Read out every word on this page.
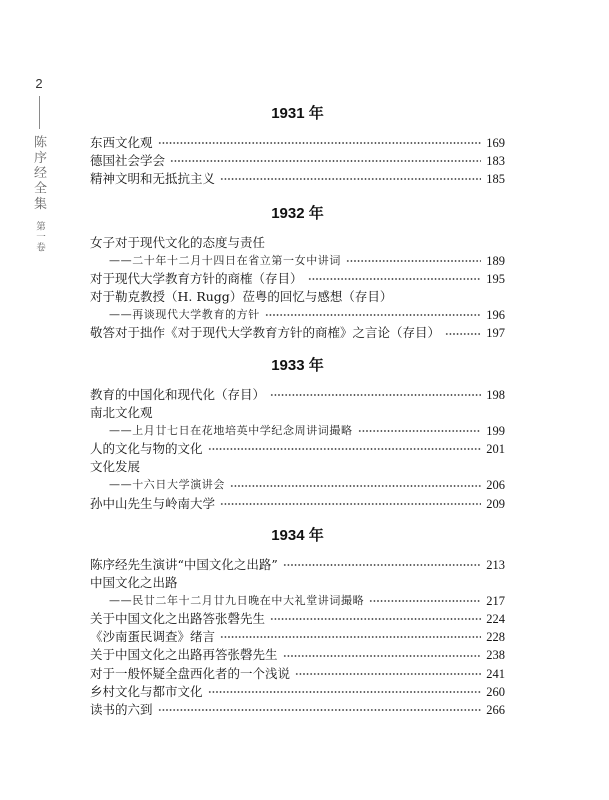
2
陈序经全集
第一卷
1931 年
东西文化观	169
德国社会学会	183
精神文明和无抵抗主义	185
1932 年
女子对于现代文化的态度与责任
——二十年十二月十四日在省立第一女中讲词	189
对于现代大学教育方针的商榷（存目）	195
对于勒克教授（H. Rugg）莅粤的回忆与感想（存目）
——再谈现代大学教育的方针	196
敬答对于拙作《对于现代大学教育方针的商榷》之言论（存目）	197
1933 年
教育的中国化和现代化（存目）	198
南北文化观
——上月廿七日在花地培英中学纪念周讲词撮略	199
人的文化与物的文化	201
文化发展
——十六日大学演讲会	206
孙中山先生与岭南大学	209
1934 年
陈序经先生演讲“中国文化之出路”	213
中国文化之出路
——民廿二年十二月廿九日晚在中大礼堂讲词撮略	217
关于中国文化之出路答张磬先生	224
《沙南蛋民调查》绪言	228
关于中国文化之出路再答张磬先生	238
对于一般怀疑全盘西化者的一个浅说	241
乡村文化与都市文化	260
读书的六到	266
